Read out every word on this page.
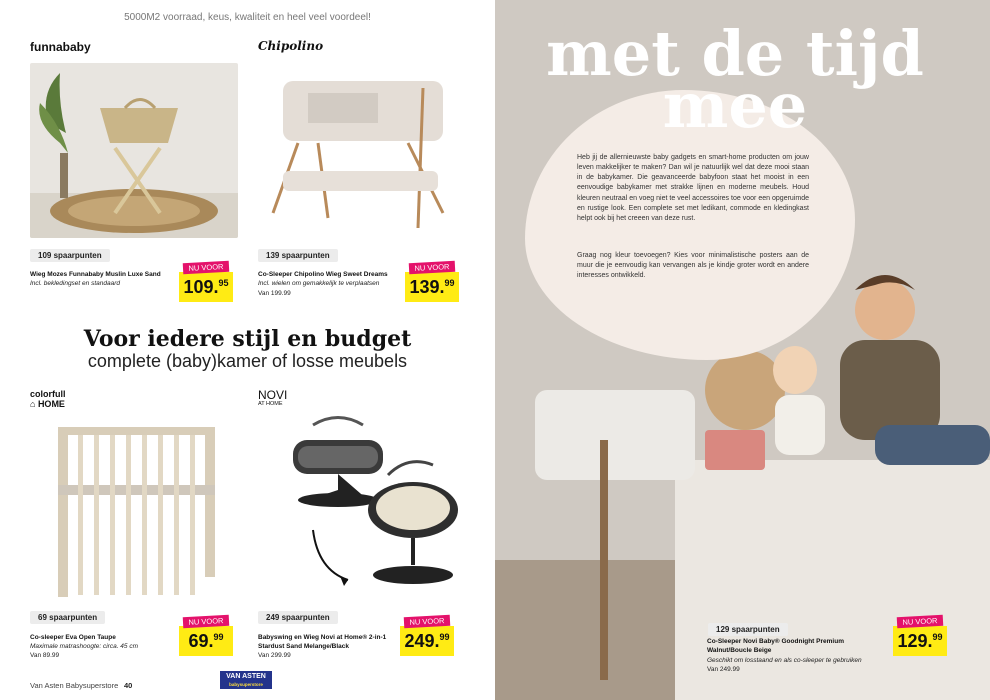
5000M2 voorraad, keus, kwaliteit en heel veel voordeel!
funnababy
109 spaarpunten
Wieg Mozes Funnababy Muslin Luxe Sand
Incl. bekledingset en standaard
NU VOOR
109.95
Chipolino
139 spaarpunten
Co-Sleeper Chipolino Wieg Sweet Dreams
Incl. wielen om gemakkelijk te verplaatsen
Van 199.99
NU VOOR
139.99
Voor iedere stijl en budget
complete (baby)kamer of losse meubels
colorfull
⌂ HOME
69 spaarpunten
Co-sleeper Eva Open Taupe
Maximale matrashoogte: circa. 45 cm
Van 89.99
NU VOOR
69.99
NOVI
AT HOME
249 spaarpunten
Babyswing en Wieg Novi at Home® 2-in-1 Stardust Sand Melange/Black
Van 299.99
NU VOOR
249.99
Van Asten Babysuperstore 40
VAN ASTEN
babysuperstore
met de tijd
mee
Heb jij de allernieuwste baby gadgets en smart-home producten om jouw leven makkelijker te maken? Dan wil je natuurlijk wel dat deze mooi staan in de babykamer. Die geavanceerde babyfoon staat het mooist in een eenvoudige babykamer met strakke lijnen en moderne meubels. Houd kleuren neutraal en voeg niet te veel accessoires toe voor een opgeruimde en rustige look. Een complete set met ledikant, commode en kledingkast helpt ook bij het creeen van deze rust.
Graag nog kleur toevoegen? Kies voor minimalistische posters aan de muur die je eenvoudig kan vervangen als je kindje groter wordt en andere interesses ontwikkeld.
129 spaarpunten
Co-Sleeper Novi Baby® Goodnight Premium Walnut/Boucle Beige
Geschikt om losstaand en als co-sleeper te gebruiken
Van 249.99
NU VOOR
129.99
